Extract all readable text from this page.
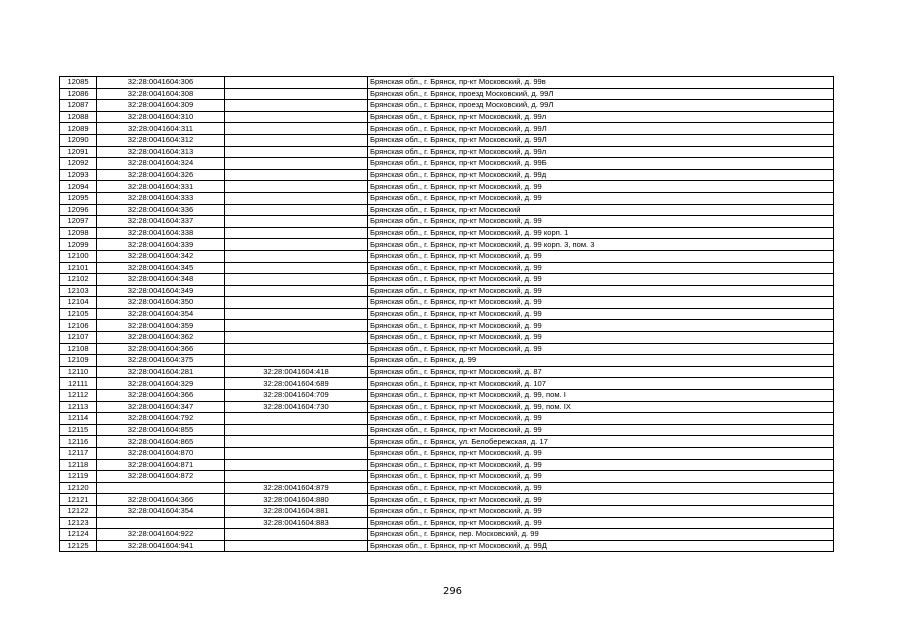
12085	32:28:0041604:306		Брянская обл., г. Брянск, пр-кт Московский, д. 99в
12086	32:28:0041604:308		Брянская обл., г. Брянск, проезд Московский, д. 99Л
12087	32:28:0041604:309		Брянская обл., г. Брянск, проезд Московский, д. 99Л
12088	32:28:0041604:310		Брянская обл., г. Брянск, пр-кт Московский, д. 99л
12089	32:28:0041604:311		Брянская обл., г. Брянск, пр-кт Московский, д. 99Л
12090	32:28:0041604:312		Брянская обл., г. Брянск, пр-кт Московский, д. 99Л
12091	32:28:0041604:313		Брянская обл., г. Брянск, пр-кт Московский, д. 99л
12092	32:28:0041604:324		Брянская обл., г. Брянск, пр-кт Московский, д. 99Б
12093	32:28:0041604:326		Брянская обл., г. Брянск, пр-кт Московский, д. 99д
12094	32:28:0041604:331		Брянская обл., г. Брянск, пр-кт Московский, д. 99
12095	32:28:0041604:333		Брянская обл., г. Брянск, пр-кт Московский, д. 99
12096	32:28:0041604:336		Брянская обл., г. Брянск, пр-кт Московский
12097	32:28:0041604:337		Брянская обл., г. Брянск, пр-кт Московский, д. 99
12098	32:28:0041604:338		Брянская обл., г. Брянск, пр-кт Московский, д. 99 корп. 1
12099	32:28:0041604:339		Брянская обл., г. Брянск, пр-кт Московский, д. 99 корп. 3, пом. 3
12100	32:28:0041604:342		Брянская обл., г. Брянск, пр-кт Московский, д. 99
12101	32:28:0041604:345		Брянская обл., г. Брянск, пр-кт Московский, д. 99
12102	32:28:0041604:348		Брянская обл., г. Брянск, пр-кт Московский, д. 99
12103	32:28:0041604:349		Брянская обл., г. Брянск, пр-кт Московский, д. 99
12104	32:28:0041604:350		Брянская обл., г. Брянск, пр-кт Московский, д. 99
12105	32:28:0041604:354		Брянская обл., г. Брянск, пр-кт Московский, д. 99
12106	32:28:0041604:359		Брянская обл., г. Брянск, пр-кт Московский, д. 99
12107	32:28:0041604:362		Брянская обл., г. Брянск, пр-кт Московский, д. 99
12108	32:28:0041604:366		Брянская обл., г. Брянск, пр-кт Московский, д. 99
12109	32:28:0041604:375		Брянская обл., г. Брянск, д. 99
12110	32:28:0041604:281	32:28:0041604:418	Брянская обл., г. Брянск, пр-кт Московский, д. 87
12111	32:28:0041604:329	32:28:0041604:689	Брянская обл., г. Брянск, пр-кт Московский, д. 107
12112	32:28:0041604:366	32:28:0041604:709	Брянская обл., г. Брянск, пр-кт Московский, д. 99, пом. I
12113	32:28:0041604:347	32:28:0041604:730	Брянская обл., г. Брянск, пр-кт Московский, д. 99, пом. IX
12114	32:28:0041604:792		Брянская обл., г. Брянск, пр-кт Московский, д. 99
12115	32:28:0041604:855		Брянская обл., г. Брянск, пр-кт Московский, д. 99
12116	32:28:0041604:865		Брянская обл., г. Брянск, ул. Белобережская, д. 17
12117	32:28:0041604:870		Брянская обл., г. Брянск, пр-кт Московский, д. 99
12118	32:28:0041604:871		Брянская обл., г. Брянск, пр-кт Московский, д. 99
12119	32:28:0041604:872		Брянская обл., г. Брянск, пр-кт Московский, д. 99
12120		32:28:0041604:879	Брянская обл., г. Брянск, пр-кт Московский, д. 99
12121	32:28:0041604:366	32:28:0041604:880	Брянская обл., г. Брянск, пр-кт Московский, д. 99
12122	32:28:0041604:354	32:28:0041604:881	Брянская обл., г. Брянск, пр-кт Московский, д. 99
12123		32:28:0041604:883	Брянская обл., г. Брянск, пр-кт Московский, д. 99
12124	32:28:0041604:922		Брянская обл., г. Брянск, пер. Московский, д. 99
12125	32:28:0041604:941		Брянская обл., г. Брянск, пр-кт Московский, д. 99Д
296
